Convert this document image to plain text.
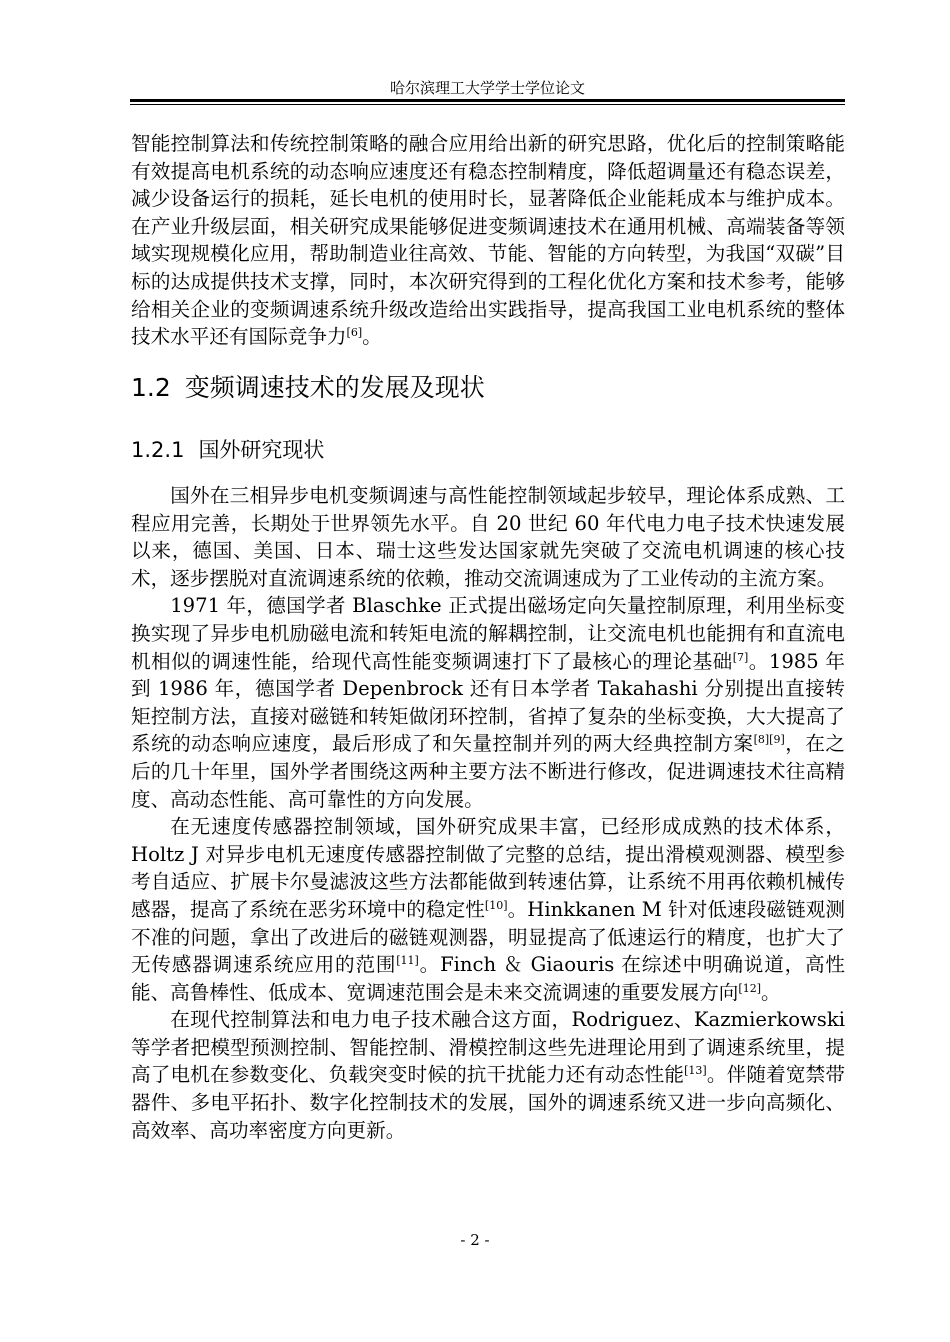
哈尔滨理工大学学士学位论文

智能控制算法和传统控制策略的融合应用给出新的研究思路，优化后的控制策略能有效提高电机系统的动态响应速度还有稳态控制精度，降低超调量还有稳态误差，减少设备运行的损耗，延长电机的使用时长，显著降低企业能耗成本与维护成本。在产业升级层面，相关研究成果能够促进变频调速技术在通用机械、高端装备等领域实现规模化应用，帮助制造业往高效、节能、智能的方向转型，为我国“双碳”目标的达成提供技术支撑，同时，本次研究得到的工程化优化方案和技术参考，能够给相关企业的变频调速系统升级改造给出实践指导，提高我国工业电机系统的整体技术水平还有国际竞争力[6]。

1.2 变频调速技术的发展及现状
1.2.1 国外研究现状

国外在三相异步电机变频调速与高性能控制领域起步较早，理论体系成熟、工程应用完善，长期处于世界领先水平。自 20 世纪 60 年代电力电子技术快速发展以来，德国、美国、日本、瑞士这些发达国家就先突破了交流电机调速的核心技术，逐步摆脱对直流调速系统的依赖，推动交流调速成为了工业传动的主流方案。

1971 年，德国学者 Blaschke 正式提出磁场定向矢量控制原理，利用坐标变换实现了异步电机励磁电流和转矩电流的解耦控制，让交流电机也能拥有和直流电机相似的调速性能，给现代高性能变频调速打下了最核心的理论基础[7]。1985 年到 1986 年，德国学者 Depenbrock 还有日本学者 Takahashi 分别提出直接转矩控制方法，直接对磁链和转矩做闭环控制，省掉了复杂的坐标变换，大大提高了系统的动态响应速度，最后形成了和矢量控制并列的两大经典控制方案[8][9]，在之后的几十年里，国外学者围绕这两种主要方法不断进行修改，促进调速技术往高精度、高动态性能、高可靠性的方向发展。

在无速度传感器控制领域，国外研究成果丰富，已经形成成熟的技术体系，Holtz J 对异步电机无速度传感器控制做了完整的总结，提出滑模观测器、模型参考自适应、扩展卡尔曼滤波这些方法都能做到转速估算，让系统不用再依赖机械传感器，提高了系统在恶劣环境中的稳定性[10]。Hinkkanen M 针对低速段磁链观测不准的问题，拿出了改进后的磁链观测器，明显提高了低速运行的精度，也扩大了无传感器调速系统应用的范围[11]。Finch ＆ Giaouris 在综述中明确说道，高性能、高鲁棒性、低成本、宽调速范围会是未来交流调速的重要发展方向[12]。

在现代控制算法和电力电子技术融合这方面，Rodriguez、Kazmierkowski 等学者把模型预测控制、智能控制、滑模控制这些先进理论用到了调速系统里，提高了电机在参数变化、负载突变时候的抗干扰能力还有动态性能[13]。伴随着宽禁带器件、多电平拓扑、数字化控制技术的发展，国外的调速系统又进一步向高频化、高效率、高功率密度方向更新。

- 2 -
